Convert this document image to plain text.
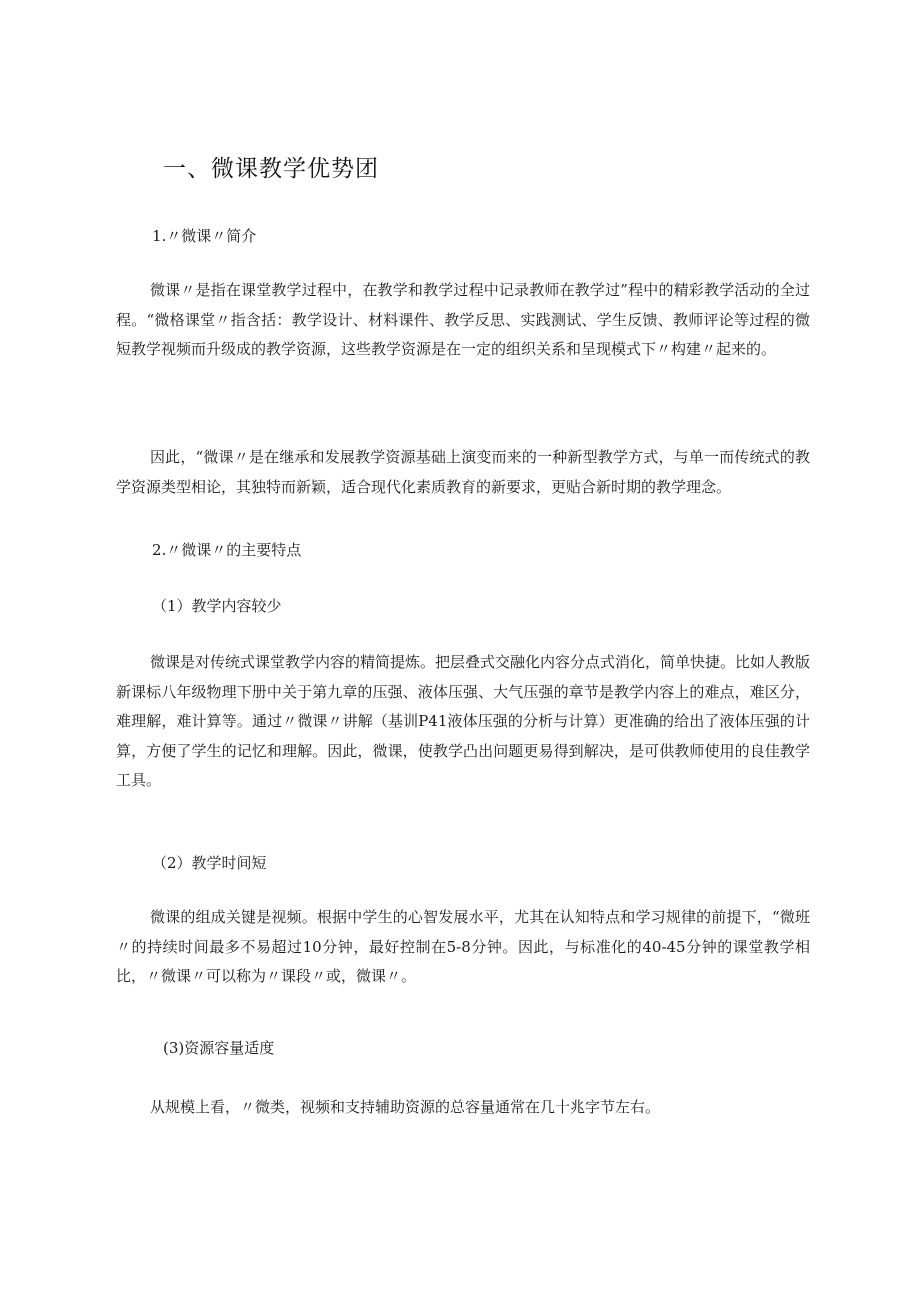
一、微课教学优势团
1.〃微课〃简介

微课〃是指在课堂教学过程中，在教学和教学过程中记录教师在教学过”程中的精彩教学活动的全过程。“微格课堂〃指含括：教学设计、材料课件、教学反思、实践测试、学生反馈、教师评论等过程的微短教学视频而升级成的教学资源，这些教学资源是在一定的组织关系和呈现模式下〃构建〃起来的。

因此，“微课〃是在继承和发展教学资源基础上演变而来的一种新型教学方式，与单一而传统式的教学资源类型相论，其独特而新颖，适合现代化素质教育的新要求，更贴合新时期的教学理念。

2.〃微课〃的主要特点
（1）教学内容较少

微课是对传统式课堂教学内容的精简提炼。把层叠式交融化内容分点式消化，简单快捷。比如人教版新课标八年级物理下册中关于第九章的压强、液体压强、大气压强的章节是教学内容上的难点，难区分，难理解，难计算等。通过〃微课〃讲解（基训P41液体压强的分析与计算）更准确的给出了液体压强的计算，方便了学生的记忆和理解。因此，微课，使教学凸出问题更易得到解决，是可供教师使用的良佳教学工具。

（2）教学时间短

微课的组成关键是视频。根据中学生的心智发展水平，尤其在认知特点和学习规律的前提下，“微班〃的持续时间最多不易超过10分钟，最好控制在5-8分钟。因此，与标准化的40-45分钟的课堂教学相比，〃微课〃可以称为〃课段〃或，微课〃。

(3)资源容量适度

从规模上看，〃微类，视频和支持辅助资源的总容量通常在几十兆字节左右。
